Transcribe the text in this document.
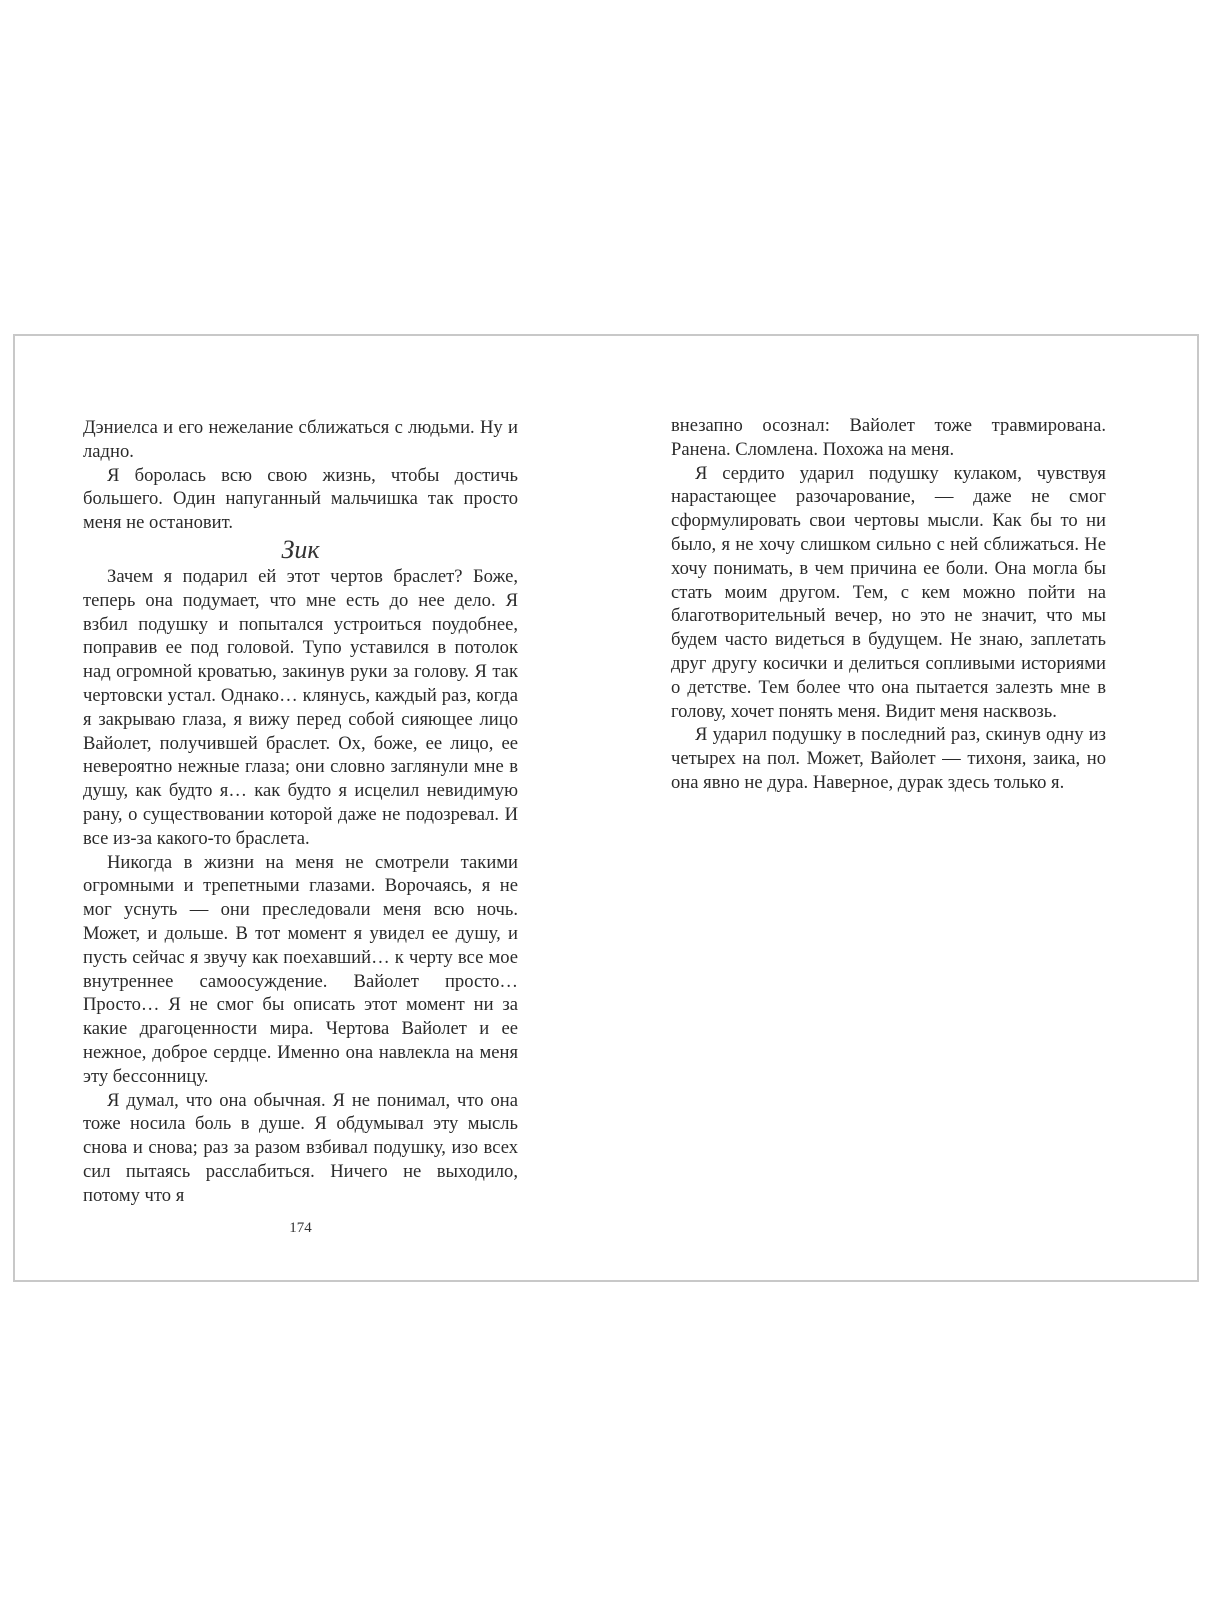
Дэниелса и его нежелание сближаться с людьми. Ну и ладно.

Я боролась всю свою жизнь, чтобы достичь большего. Один напуганный мальчишка так просто меня не остановит.

Зик

Зачем я подарил ей этот чертов браслет? Боже, теперь она подумает, что мне есть до нее дело. Я взбил подушку и попытался устроиться поудобнее, поправив ее под головой. Тупо уставился в потолок над огромной кроватью, закинув руки за голову. Я так чертовски устал. Однако… клянусь, каждый раз, когда я закрываю глаза, я вижу перед собой сияющее лицо Вайолет, получившей браслет. Ох, боже, ее лицо, ее невероятно нежные глаза; они словно заглянули мне в душу, как будто я… как будто я исцелил невидимую рану, о существовании которой даже не подозревал. И все из-за какого-то браслета.

Никогда в жизни на меня не смотрели такими огромными и трепетными глазами. Ворочаясь, я не мог уснуть — они преследовали меня всю ночь. Может, и дольше. В тот момент я увидел ее душу, и пусть сейчас я звучу как поехавший… к черту все мое внутреннее самоосуждение. Вайолет просто… Просто… Я не смог бы описать этот момент ни за какие драгоценности мира. Чертова Вайолет и ее нежное, доброе сердце. Именно она навлекла на меня эту бессонницу.

Я думал, что она обычная. Я не понимал, что она тоже носила боль в душе. Я обдумывал эту мысль снова и снова; раз за разом взбивал подушку, изо всех сил пытаясь расслабиться. Ничего не выходило, потому что я

174

внезапно осознал: Вайолет тоже травмирована. Ранена. Сломлена. Похожа на меня.

Я сердито ударил подушку кулаком, чувствуя нарастающее разочарование, — даже не смог сформулировать свои чертовы мысли. Как бы то ни было, я не хочу слишком сильно с ней сближаться. Не хочу понимать, в чем причина ее боли. Она могла бы стать моим другом. Тем, с кем можно пойти на благотворительный вечер, но это не значит, что мы будем часто видеться в будущем. Не знаю, заплетать друг другу косички и делиться сопливыми историями о детстве. Тем более что она пытается залезть мне в голову, хочет понять меня. Видит меня насквозь.

Я ударил подушку в последний раз, скинув одну из четырех на пол. Может, Вайолет — тихоня, заика, но она явно не дура. Наверное, дурак здесь только я.
